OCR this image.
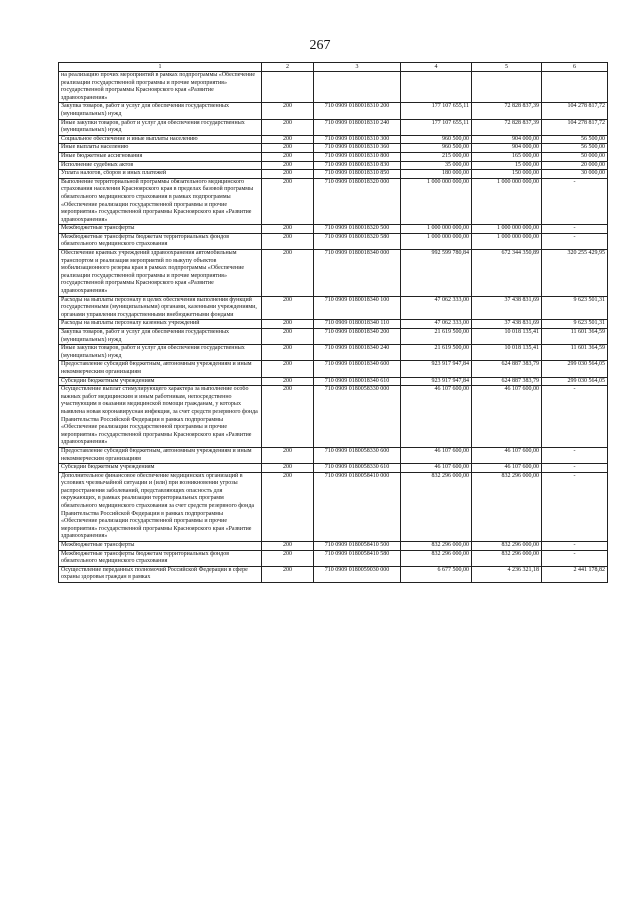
267
1	2	3	4	5	6
на реализацию прочих мероприятий в рамках подпрограммы «Обеспечение реализации государственной программы и прочие мероприятия» государственной программы Красноярского края «Развитие здравоохранения»					
Закупка товаров, работ и услуг для обеспечения государственных (муниципальных) нужд	200	710 0909 0180018310 200	177 107 655,11	72 828 837,39	104 278 817,72
Иные закупки товаров, работ и услуг для обеспечения государственных (муниципальных) нужд	200	710 0909 0180018310 240	177 107 655,11	72 828 837,39	104 278 817,72
Социальное обеспечение и иные выплаты населению	200	710 0909 0180018310 300	960 500,00	904 000,00	56 500,00
Иные выплаты населению	200	710 0909 0180018310 360	960 500,00	904 000,00	56 500,00
Иные бюджетные ассигнования	200	710 0909 0180018310 800	215 000,00	165 000,00	50 000,00
Исполнение судебных актов	200	710 0909 0180018310 830	35 000,00	15 000,00	20 000,00
Уплата налогов, сборов и иных платежей	200	710 0909 0180018310 850	180 000,00	150 000,00	30 000,00
Выполнение территориальной программы обязательного медицинского страхования населения Красноярского края в пределах базовой программы обязательного медицинского страхования в рамках подпрограммы «Обеспечение реализации государственной программы и прочие мероприятия» государственной программы Красноярского края «Развитие здравоохранения»	200	710 0909 0180018320 000	1 000 000 000,00	1 000 000 000,00	-
Межбюджетные трансферты	200	710 0909 0180018320 500	1 000 000 000,00	1 000 000 000,00	-
Межбюджетные трансферты бюджетам территориальных фондов обязательного медицинского страхования	200	710 0909 0180018320 580	1 000 000 000,00	1 000 000 000,00	-
Обеспечение краевых учреждений здравоохранения автомобильным транспортом и реализация мероприятий по выкупу объектов мобилизационного резерва края в рамках подпрограммы «Обеспечение реализации государственной программы и прочие мероприятия» государственной программы Красноярского края «Развитие здравоохранения»	200	710 0909 0180018340 000	992 599 780,84	672 344 350,89	320 255 429,95
Расходы на выплаты персоналу в целях обеспечения выполнения функций государственными (муниципальными) органами, казенными учреждениями, органами управления государственными внебюджетными фондами	200	710 0909 0180018340 100	47 062 333,00	37 438 831,69	9 623 501,31
Расходы на выплаты персоналу казенных учреждений	200	710 0909 0180018340 110	47 062 333,00	37 438 831,69	9 623 501,31
Закупка товаров, работ и услуг для обеспечения государственных (муниципальных) нужд	200	710 0909 0180018340 200	21 619 500,00	10 018 135,41	11 601 364,59
Иные закупки товаров, работ и услуг для обеспечения государственных (муниципальных) нужд	200	710 0909 0180018340 240	21 619 500,00	10 018 135,41	11 601 364,59
Предоставление субсидий бюджетным, автономным учреждениям и иным некоммерческим организациям	200	710 0909 0180018340 600	923 917 947,84	624 887 383,79	299 030 564,05
Субсидии бюджетным учреждениям	200	710 0909 0180018340 610	923 917 947,84	624 887 383,79	299 030 564,05
Осуществление выплат стимулирующего характера за выполнение особо важных работ медицинским и иным работникам, непосредственно участвующим в оказании медицинской помощи гражданам, у которых выявлена новая коронавирусная инфекция, за счет средств резервного фонда Правительства Российской Федерации в рамках подпрограммы «Обеспечение реализации государственной программы и прочие мероприятия» государственной программы Красноярского края «Развитие здравоохранения»	200	710 0909 0180058330 000	46 107 600,00	46 107 600,00	-
Предоставление субсидий бюджетным, автономным учреждениям и иным некоммерческим организациям	200	710 0909 0180058330 600	46 107 600,00	46 107 600,00	-
Субсидии бюджетным учреждениям	200	710 0909 0180058330 610	46 107 600,00	46 107 600,00	-
Дополнительное финансовое обеспечение медицинских организаций в условиях чрезвычайной ситуации и (или) при возникновении угрозы распространения заболеваний, представляющих опасность для окружающих, в рамках реализации территориальных программ обязательного медицинского страхования за счет средств резервного фонда Правительства Российской Федерации в рамках подпрограммы «Обеспечение реализации государственной программы и прочие мероприятия» государственной программы Красноярского края «Развитие здравоохранения»	200	710 0909 0180058410 000	832 296 000,00	832 296 000,00	-
Межбюджетные трансферты	200	710 0909 0180058410 500	832 296 000,00	832 296 000,00	-
Межбюджетные трансферты бюджетам территориальных фондов обязательного медицинского страхования	200	710 0909 0180058410 580	832 296 000,00	832 296 000,00	-
Осуществление переданных полномочий Российской Федерации в сфере охраны здоровья граждан в рамках	200	710 0909 0180059030 000	6 677 500,00	4 236 321,18	2 441 178,82
